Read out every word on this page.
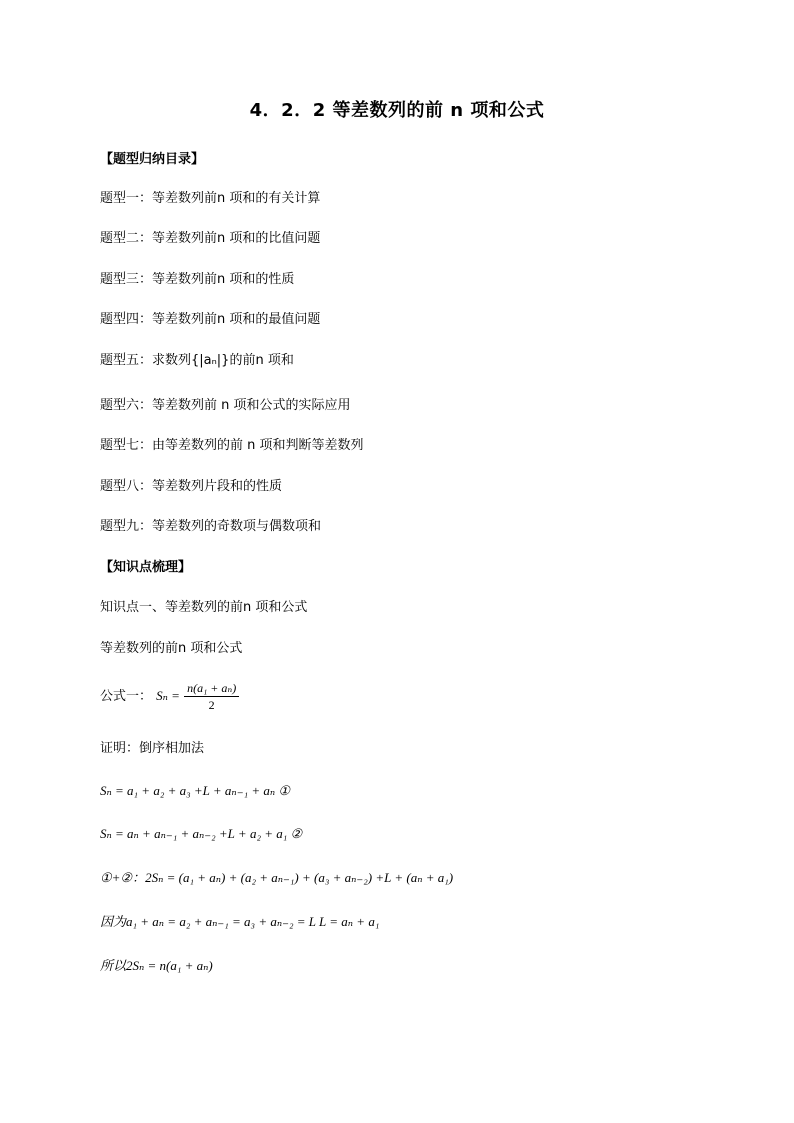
4．2．2 等差数列的前 n 项和公式
【题型归纳目录】
题型一：等差数列前n 项和的有关计算
题型二：等差数列前n 项和的比值问题
题型三：等差数列前n 项和的性质
题型四：等差数列前n 项和的最值问题
题型五：求数列{|aₙ|}的前n 项和
题型六：等差数列前 n 项和公式的实际应用
题型七：由等差数列的前 n 项和判断等差数列
题型八：等差数列片段和的性质
题型九：等差数列的奇数项与偶数项和
【知识点梳理】
知识点一、等差数列的前n 项和公式
等差数列的前n 项和公式
公式一： $S_n = \frac{\text{n(a₁ + aₙ)}}{2}$
证明：倒序相加法
Sₙ = a₁ + a₂ + a₃ +L + aₙ₋₁ + aₙ ①
Sₙ = aₙ + aₙ₋₁ + aₙ₋₂ +L + a₂ + a₁ ②
①+②：2Sₙ = (a₁ + aₙ) + (a₂ + aₙ₋₁) + (a₃ + aₙ₋₂) +L + (aₙ + a₁)
因为a₁ + aₙ = a₂ + aₙ₋₁ = a₃ + aₙ₋₂ = L L = aₙ + a₁
所以2Sₙ = n(a₁ + aₙ)
